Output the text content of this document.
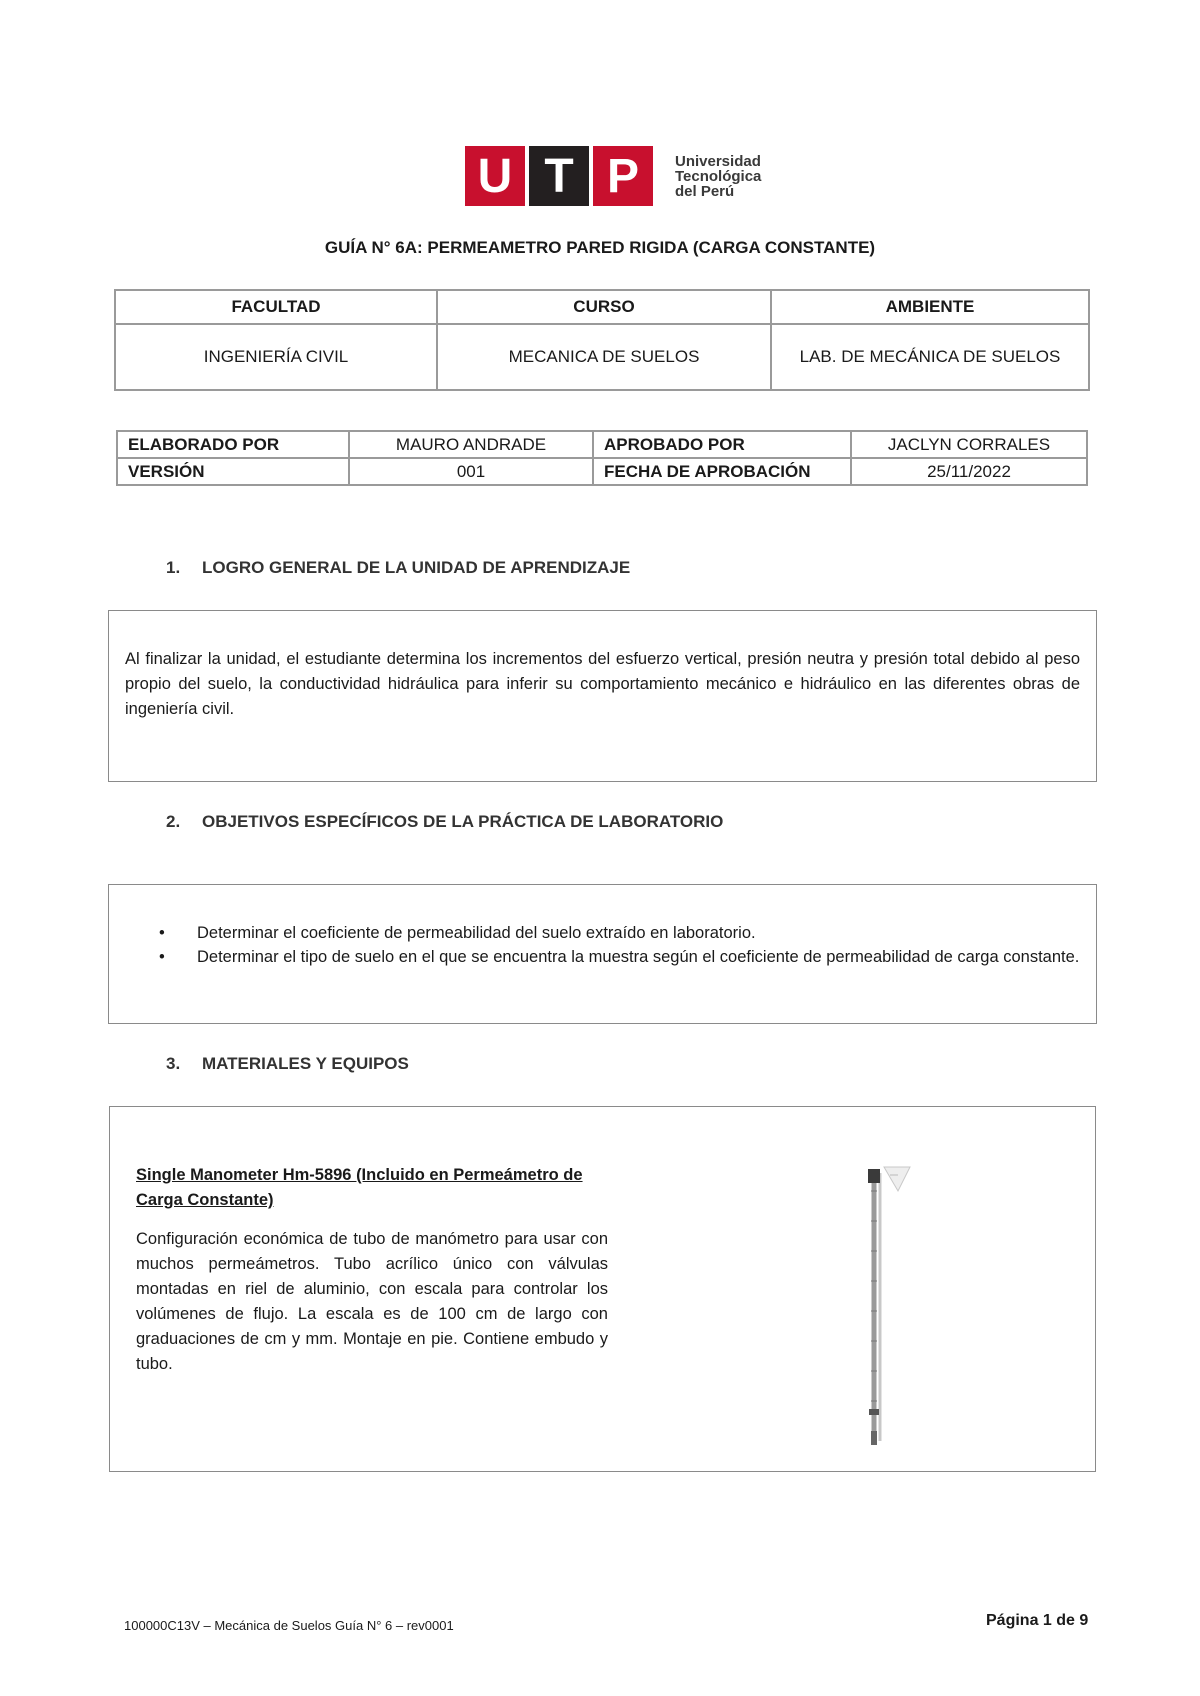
U T P	Universidad
Tecnológica
del Perú
GUÍA N° 6A: PERMEAMETRO PARED RIGIDA (CARGA CONSTANTE)
FACULTAD	CURSO	AMBIENTE
INGENIERÍA CIVIL	MECANICA DE SUELOS	LAB. DE MECÁNICA DE SUELOS
ELABORADO POR	MAURO ANDRADE	APROBADO POR	JACLYN CORRALES
VERSIÓN	001	FECHA DE APROBACIÓN	25/11/2022
1. LOGRO GENERAL DE LA UNIDAD DE APRENDIZAJE
Al finalizar la unidad, el estudiante determina los incrementos del esfuerzo vertical, presión neutra y presión total debido al peso propio del suelo, la conductividad hidráulica para inferir su comportamiento mecánico e hidráulico en las diferentes obras de ingeniería civil.
2. OBJETIVOS ESPECÍFICOS DE LA PRÁCTICA DE LABORATORIO
• Determinar el coeficiente de permeabilidad del suelo extraído en laboratorio.
• Determinar el tipo de suelo en el que se encuentra la muestra según el coeficiente de permeabilidad de carga constante.
3. MATERIALES Y EQUIPOS
Single Manometer Hm-5896 (Incluido en Permeámetro de Carga Constante)
Configuración económica de tubo de manómetro para usar con muchos permeámetros. Tubo acrílico único con válvulas montadas en riel de aluminio, con escala para controlar los volúmenes de flujo. La escala es de 100 cm de largo con graduaciones de cm y mm. Montaje en pie. Contiene embudo y tubo.
100000C13V – Mecánica de Suelos Guía N° 6 – rev0001	Página 1 de 9
